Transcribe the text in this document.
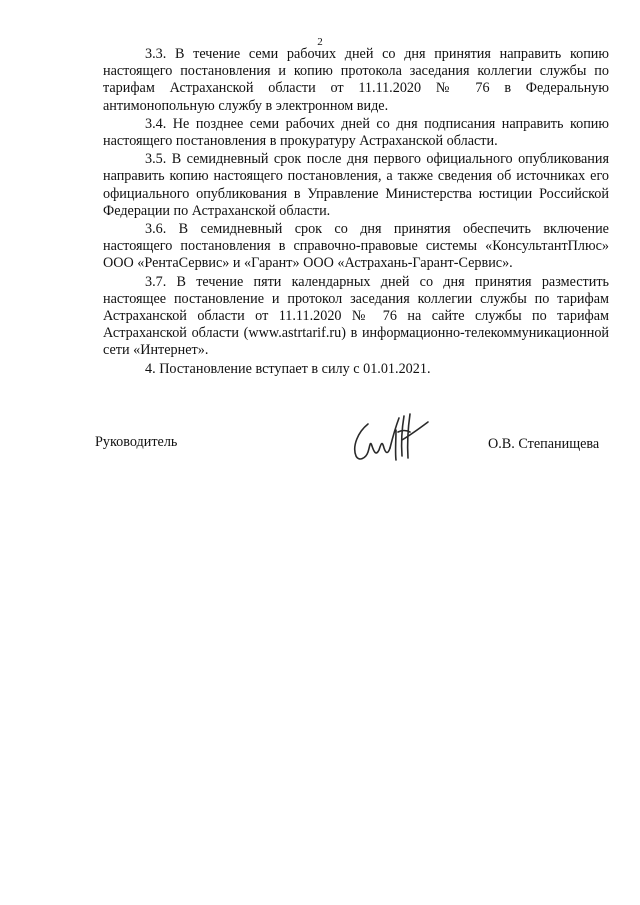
2

3.3. В течение семи рабочих дней со дня принятия направить копию настоящего постановления и копию протокола заседания коллегии службы по тарифам Астраханской области от 11.11.2020 № 76 в Федеральную антимонопольную службу в электронном виде.

3.4. Не позднее семи рабочих дней со дня подписания направить копию настоящего постановления в прокуратуру Астраханской области.

3.5. В семидневный срок после дня первого официального опубликования направить копию настоящего постановления, а также сведения об источниках его официального опубликования в Управление Министерства юстиции Российской Федерации по Астраханской области.

3.6. В семидневный срок со дня принятия обеспечить включение настоящего постановления в справочно-правовые системы «КонсультантПлюс» ООО «РентаСервис» и «Гарант» ООО «Астрахань-Гарант-Сервис».

3.7. В течение пяти календарных дней со дня принятия разместить настоящее постановление и протокол заседания коллегии службы по тарифам Астраханской области от 11.11.2020 № 76 на сайте службы по тарифам Астраханской области (www.astrtarif.ru) в информационно-телекоммуникационной сети «Интернет».

4. Постановление вступает в силу с 01.01.2021.

Руководитель	О.В. Степанищева
